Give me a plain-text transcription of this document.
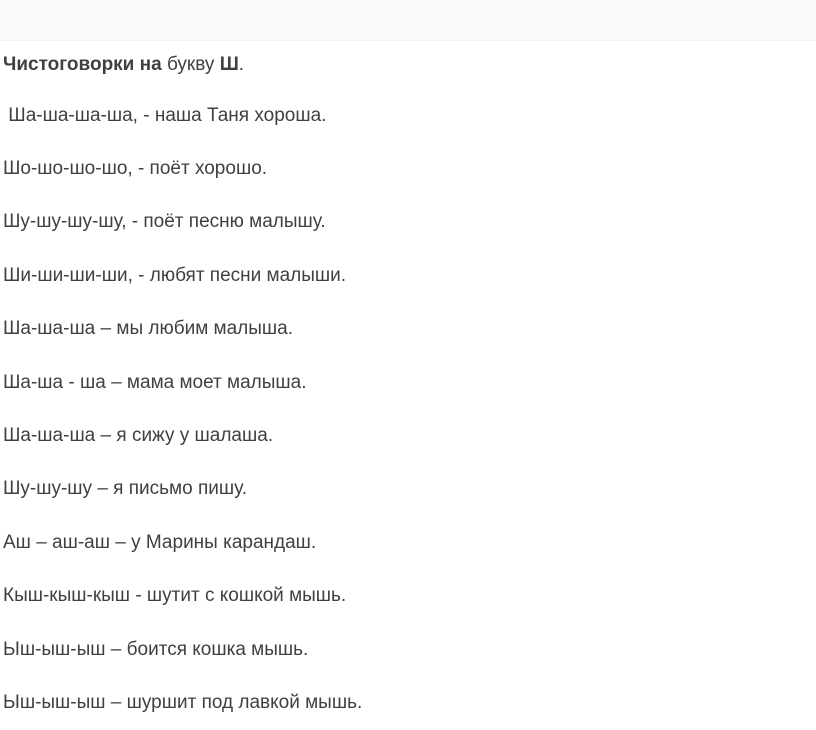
Чистоговорки на букву Ш .

Ша-ша-ша-ша, - наша Таня хороша.

Шо-шо-шо-шо, - поёт хорошо.

Шу-шу-шу-шу, - поёт песню малышу.

Ши-ши-ши-ши, - любят песни малыши.

Ша-ша-ша – мы любим малыша.

Ша-ша - ша – мама моет малыша.

Ша-ша-ша – я сижу у шалаша.

Шу-шу-шу – я письмо пишу.

Аш – аш-аш – у Марины карандаш.

Кыш-кыш-кыш - шутит с кошкой мышь.

Ыш-ыш-ыш – боится кошка мышь.

Ыш-ыш-ыш – шуршит под лавкой мышь.
